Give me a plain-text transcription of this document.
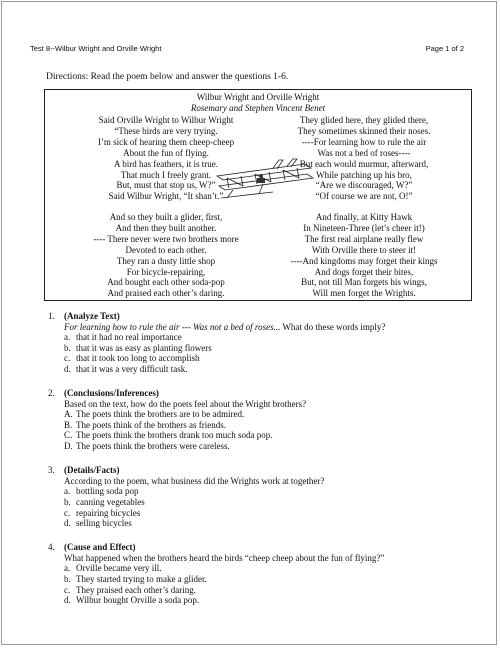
Test 8--Wilbur Wright and Orville Wright	Page 1 of 2
Directions: Read the poem below and answer the questions 1-6.
Wilbur Wright and Orville Wright
Rosemary and Stephen Vincent Benet
Said Orville Wright to Wilbur Wright
“These birds are very trying.
I’m sick of hearing them cheep-cheep
About the fun of flying.
A bird has feathers, it is true.
That much I freely grant.
But, must that stop us, W?”
Said Wilbur Wright, “It shan’t.”
They glided here, they glided there,
They sometimes skinned their noses.
----For learning how to rule the air
Was not a bed of roses----
But each would murmur, afterward,
While patching up his bro,
“Are we discouraged, W?”
“Of course we are not, O!”
And so they built a glider, first,
And then they built another.
---- There never were two brothers more
Devoted to each other.
They ran a dusty little shop
For bicycle-repairing,
And bought each other soda-pop
And praised each other’s daring.
And finally, at Kitty Hawk
In Nineteen-Three (let’s cheer it!)
The first real airplane really flew
With Orville there to steer it!
----And kingdoms may forget their kings
And dogs forget their bites,
But, not till Man forgets his wings,
Will men forget the Wrights.
1.	(Analyze Text)
For learning how to rule the air --- Was not a bed of roses... What do these words imply?
a. that it had no real importance
b. that it was as easy as planting flowers
c. that it took too long to accomplish
d. that it was a very difficult task.
2.	(Conclusions/Inferences)
Based on the text, how do the poets feel about the Wright brothers?
A. The poets think the brothers are to be admired.
B. The poets think of the brothers as friends.
C. The poets think the brothers drank too much soda pop.
D. The poets think the brothers were careless.
3.	(Details/Facts)
According to the poem, what business did the Wrights work at together?
a. bottling soda pop
b. canning vegetables
c. repairing bicycles
d. selling bicycles
4.	(Cause and Effect)
What happened when the brothers heard the birds “cheep cheep about the fun of flying?”
a. Orville became very ill.
b. They started trying to make a glider.
c. They praised each other’s daring.
d. Wilbur bought Orville a soda pop.
